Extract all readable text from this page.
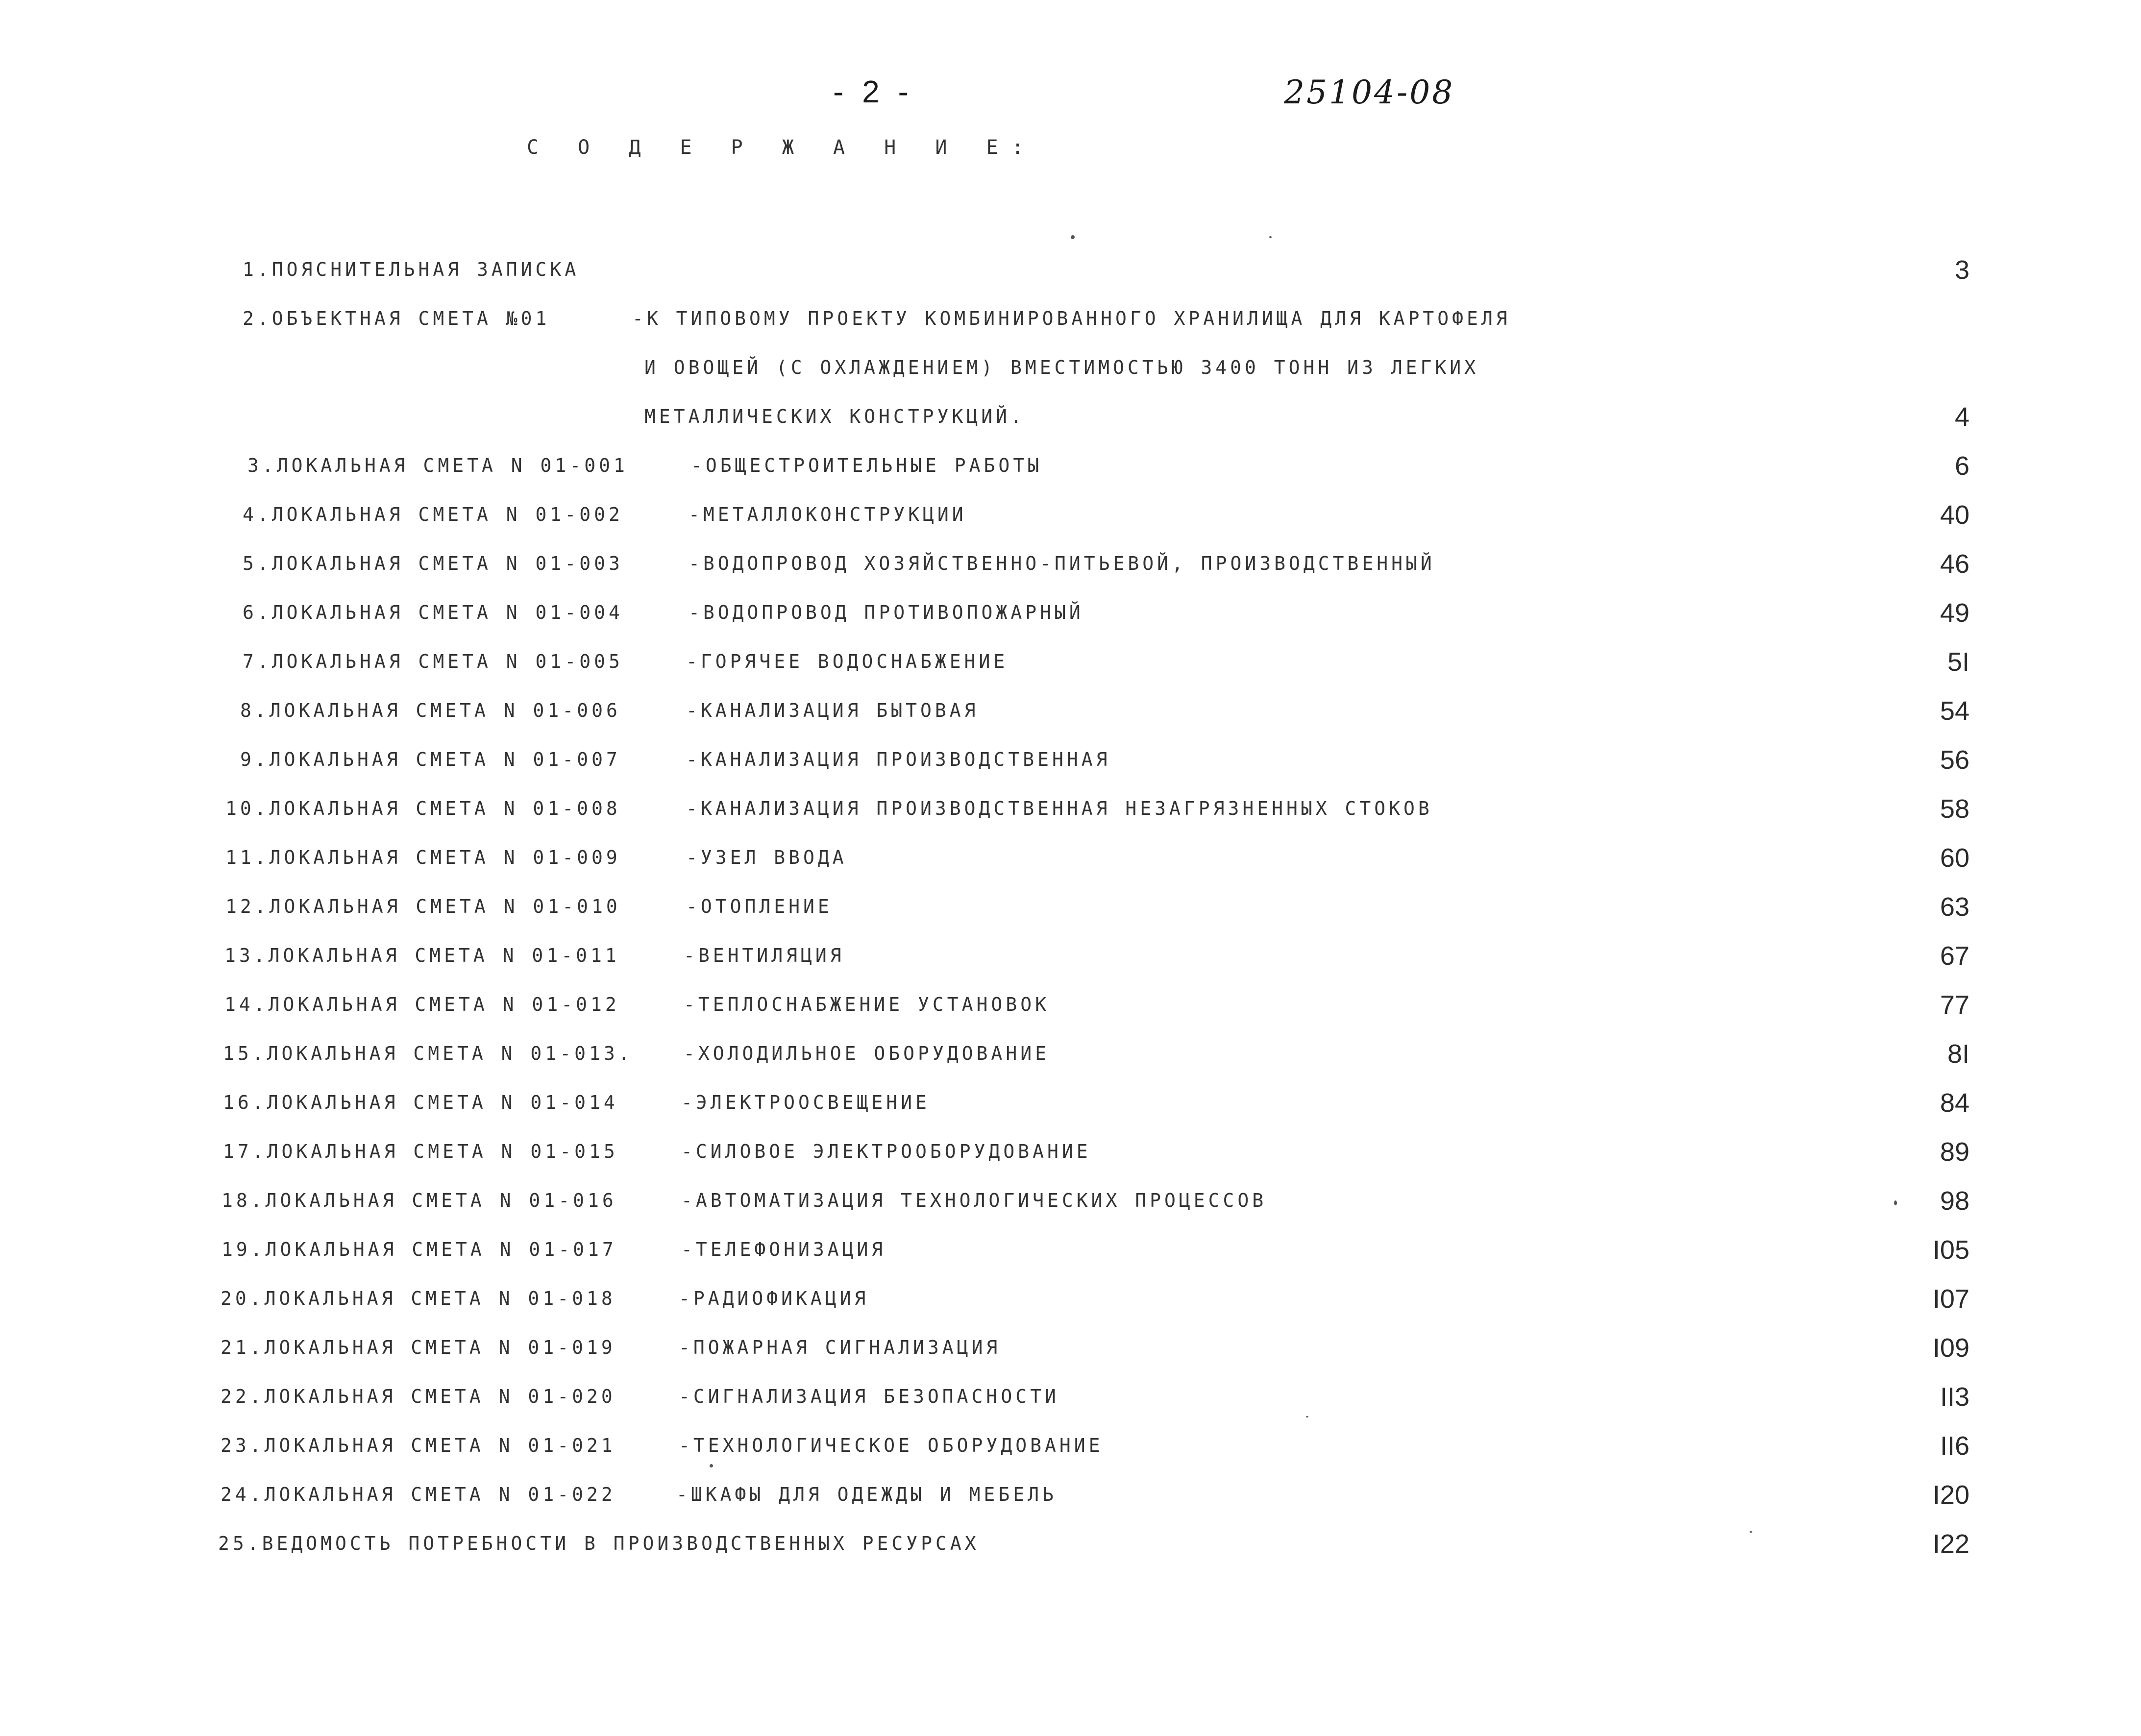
- 2 -	25104-08
С О Д Е Р Ж А Н И Е:
1.ПОЯСНИТЕЛЬНАЯ ЗАПИСКА	3
2.ОБЪЕКТНАЯ СМЕТА №01	-К ТИПОВОМУ ПРОЕКТУ КОМБИНИРОВАННОГО ХРАНИЛИЩА ДЛЯ КАРТОФЕЛЯ
И ОВОЩЕЙ (С ОХЛАЖДЕНИЕМ) ВМЕСТИМОСТЬЮ 3400 ТОНН ИЗ ЛЕГКИХ
МЕТАЛЛИЧЕСКИХ КОНСТРУКЦИЙ.	4
3.ЛОКАЛЬНАЯ СМЕТА N 01-001	-ОБЩЕСТРОИТЕЛЬНЫЕ РАБОТЫ	6
4.ЛОКАЛЬНАЯ СМЕТА N 01-002	-МЕТАЛЛОКОНСТРУКЦИИ	40
5.ЛОКАЛЬНАЯ СМЕТА N 01-003	-ВОДОПРОВОД ХОЗЯЙСТВЕННО-ПИТЬЕВОЙ, ПРОИЗВОДСТВЕННЫЙ	46
6.ЛОКАЛЬНАЯ СМЕТА N 01-004	-ВОДОПРОВОД ПРОТИВОПОЖАРНЫЙ	49
7.ЛОКАЛЬНАЯ СМЕТА N 01-005	-ГОРЯЧЕЕ ВОДОСНАБЖЕНИЕ	5I
8.ЛОКАЛЬНАЯ СМЕТА N 01-006	-КАНАЛИЗАЦИЯ БЫТОВАЯ	54
9.ЛОКАЛЬНАЯ СМЕТА N 01-007	-КАНАЛИЗАЦИЯ ПРОИЗВОДСТВЕННАЯ	56
10.ЛОКАЛЬНАЯ СМЕТА N 01-008	-КАНАЛИЗАЦИЯ ПРОИЗВОДСТВЕННАЯ НЕЗАГРЯЗНЕННЫХ СТОКОВ	58
11.ЛОКАЛЬНАЯ СМЕТА N 01-009	-УЗЕЛ ВВОДА	60
12.ЛОКАЛЬНАЯ СМЕТА N 01-010	-ОТОПЛЕНИЕ	63
13.ЛОКАЛЬНАЯ СМЕТА N 01-011	-ВЕНТИЛЯЦИЯ	67
14.ЛОКАЛЬНАЯ СМЕТА N 01-012	-ТЕПЛОСНАБЖЕНИЕ УСТАНОВОК	77
15.ЛОКАЛЬНАЯ СМЕТА N 01-013.	-ХОЛОДИЛЬНОЕ ОБОРУДОВАНИЕ	8I
16.ЛОКАЛЬНАЯ СМЕТА N 01-014	-ЭЛЕКТРООСВЕЩЕНИЕ	84
17.ЛОКАЛЬНАЯ СМЕТА N 01-015	-СИЛОВОЕ ЭЛЕКТРООБОРУДОВАНИЕ	89
18.ЛОКАЛЬНАЯ СМЕТА N 01-016	-АВТОМАТИЗАЦИЯ ТЕХНОЛОГИЧЕСКИХ ПРОЦЕССОВ	98
19.ЛОКАЛЬНАЯ СМЕТА N 01-017	-ТЕЛЕФОНИЗАЦИЯ	I05
20.ЛОКАЛЬНАЯ СМЕТА N 01-018	-РАДИОФИКАЦИЯ	I07
21.ЛОКАЛЬНАЯ СМЕТА N 01-019	-ПОЖАРНАЯ СИГНАЛИЗАЦИЯ	I09
22.ЛОКАЛЬНАЯ СМЕТА N 01-020	-СИГНАЛИЗАЦИЯ БЕЗОПАСНОСТИ	II3
23.ЛОКАЛЬНАЯ СМЕТА N 01-021	-ТЕХНОЛОГИЧЕСКОЕ ОБОРУДОВАНИЕ	II6
24.ЛОКАЛЬНАЯ СМЕТА N 01-022	-ШКАФЫ ДЛЯ ОДЕЖДЫ И МЕБЕЛЬ	I20
25.ВЕДОМОСТЬ ПОТРЕБНОСТИ В ПРОИЗВОДСТВЕННЫХ РЕСУРСАХ	I22
